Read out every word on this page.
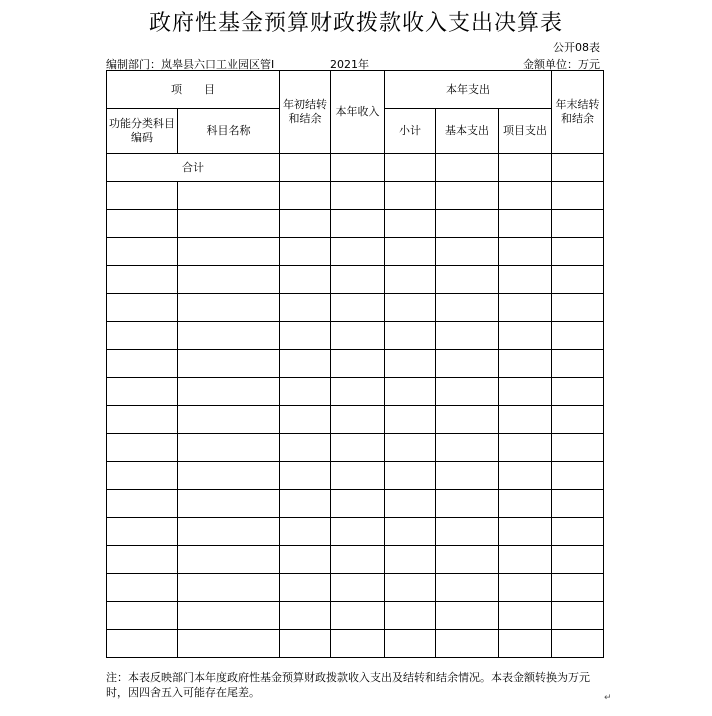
政府性基金预算财政拨款收入支出决算表
公开08表
编制部门：岚皋县六口工业园区管Ⅰ	2021年	金额单位：万元
项　　目		年初结转和结余	本年收入	本年支出			年末结转和结余
功能分类科目编码	科目名称			小计	基本支出	项目支出	
合计							

注：本表反映部门本年度政府性基金预算财政拨款收入支出及结转和结余情况。本表金额转换为万元时，因四舍五入可能存在尾差。	↵
